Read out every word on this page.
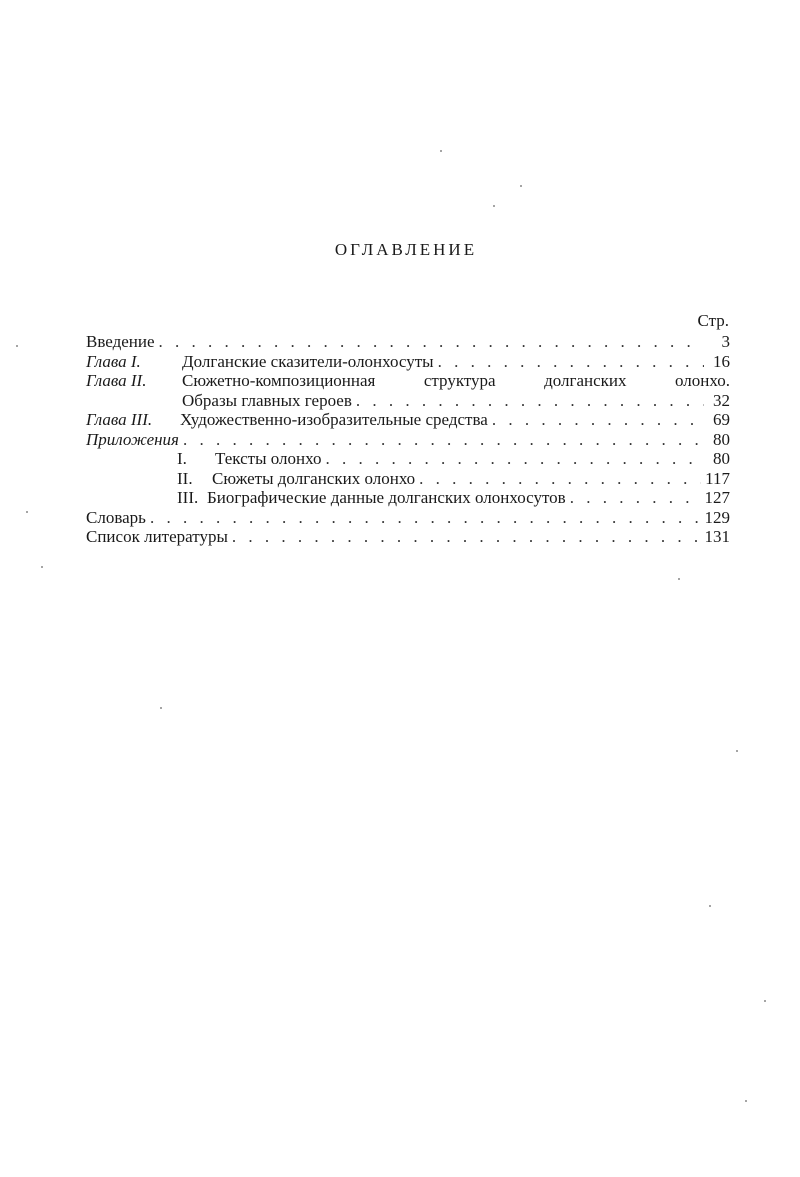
ОГЛАВЛЕНИЕ
Стр.
Введение . . .	3
Глава I.	Долганские сказители-олонхосуты . . .	16
Глава II.	Сюжетно-композиционная	структура	долганских	олонхо.
Образы главных героев . . .	32
Глава III.	Художественно-изобразительные средства . . .	69
Приложения . . .	80
I.	Тексты олонхо . . .	80
II.	Сюжеты долганских олонхо . . .	117
III. Биографические данные долганских олонхосутов . . .	127
Словарь . . .	129
Список литературы . . .	131
